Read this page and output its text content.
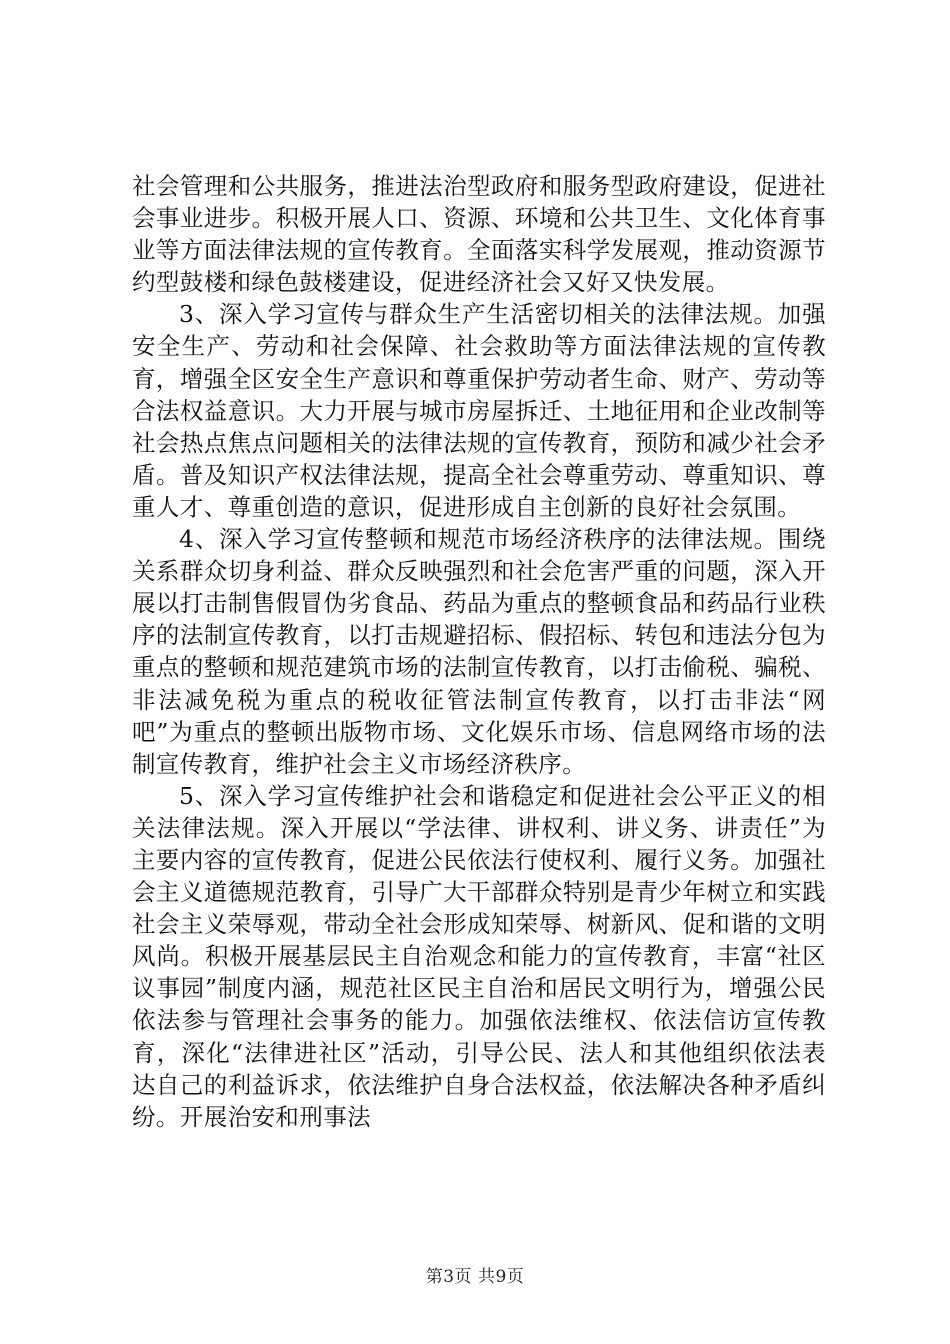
社会管理和公共服务，推进法治型政府和服务型政府建设，促进社会事业进步。积极开展人口、资源、环境和公共卫生、文化体育事业等方面法律法规的宣传教育。全面落实科学发展观，推动资源节约型鼓楼和绿色鼓楼建设，促进经济社会又好又快发展。

3、深入学习宣传与群众生产生活密切相关的法律法规。加强安全生产、劳动和社会保障、社会救助等方面法律法规的宣传教育，增强全区安全生产意识和尊重保护劳动者生命、财产、劳动等合法权益意识。大力开展与城市房屋拆迁、土地征用和企业改制等社会热点焦点问题相关的法律法规的宣传教育，预防和减少社会矛盾。普及知识产权法律法规，提高全社会尊重劳动、尊重知识、尊重人才、尊重创造的意识，促进形成自主创新的良好社会氛围。

4、深入学习宣传整顿和规范市场经济秩序的法律法规。围绕关系群众切身利益、群众反映强烈和社会危害严重的问题，深入开展以打击制售假冒伪劣食品、药品为重点的整顿食品和药品行业秩序的法制宣传教育，以打击规避招标、假招标、转包和违法分包为重点的整顿和规范建筑市场的法制宣传教育，以打击偷税、骗税、非法减免税为重点的税收征管法制宣传教育，以打击非法“网吧”为重点的整顿出版物市场、文化娱乐市场、信息网络市场的法制宣传教育，维护社会主义市场经济秩序。

5、深入学习宣传维护社会和谐稳定和促进社会公平正义的相关法律法规。深入开展以“学法律、讲权利、讲义务、讲责任”为主要内容的宣传教育，促进公民依法行使权利、履行义务。加强社会主义道德规范教育，引导广大干部群众特别是青少年树立和实践社会主义荣辱观，带动全社会形成知荣辱、树新风、促和谐的文明风尚。积极开展基层民主自治观念和能力的宣传教育，丰富“社区议事园”制度内涵，规范社区民主自治和居民文明行为，增强公民依法参与管理社会事务的能力。加强依法维权、依法信访宣传教育，深化“法律进社区”活动，引导公民、法人和其他组织依法表达自己的利益诉求，依法维护自身合法权益，依法解决各种矛盾纠纷。开展治安和刑事法

第3页 共9页
